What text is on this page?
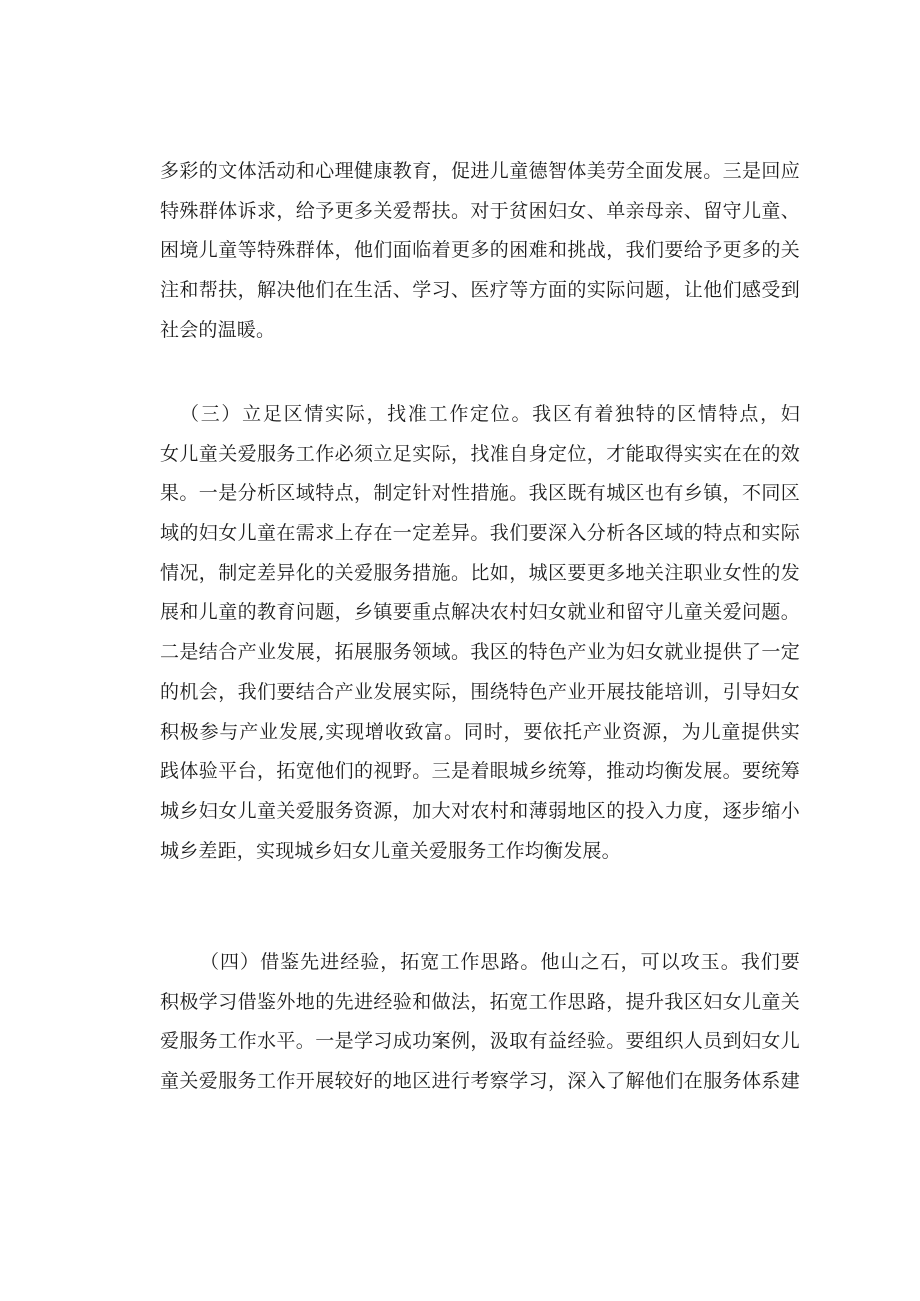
多彩的文体活动和心理健康教育，促进儿童德智体美劳全面发展。三是回应
特殊群体诉求，给予更多关爱帮扶。对于贫困妇女、单亲母亲、留守儿童、
困境儿童等特殊群体，他们面临着更多的困难和挑战，我们要给予更多的关
注和帮扶，解决他们在生活、学习、医疗等方面的实际问题，让他们感受到
社会的温暖。
（三）立足区情实际，找准工作定位。我区有着独特的区情特点，妇
女儿童关爱服务工作必须立足实际，找准自身定位，才能取得实实在在的效
果。一是分析区域特点，制定针对性措施。我区既有城区也有乡镇，不同区
域的妇女儿童在需求上存在一定差异。我们要深入分析各区域的特点和实际
情况，制定差异化的关爱服务措施。比如，城区要更多地关注职业女性的发
展和儿童的教育问题，乡镇要重点解决农村妇女就业和留守儿童关爱问题。
二是结合产业发展，拓展服务领域。我区的特色产业为妇女就业提供了一定
的机会，我们要结合产业发展实际，围绕特色产业开展技能培训，引导妇女
积极参与产业发展,实现增收致富。同时，要依托产业资源，为儿童提供实
践体验平台，拓宽他们的视野。三是着眼城乡统筹，推动均衡发展。要统筹
城乡妇女儿童关爱服务资源，加大对农村和薄弱地区的投入力度，逐步缩小
城乡差距，实现城乡妇女儿童关爱服务工作均衡发展。
（四）借鉴先进经验，拓宽工作思路。他山之石，可以攻玉。我们要
积极学习借鉴外地的先进经验和做法，拓宽工作思路，提升我区妇女儿童关
爱服务工作水平。一是学习成功案例，汲取有益经验。要组织人员到妇女儿
童关爱服务工作开展较好的地区进行考察学习，深入了解他们在服务体系建
